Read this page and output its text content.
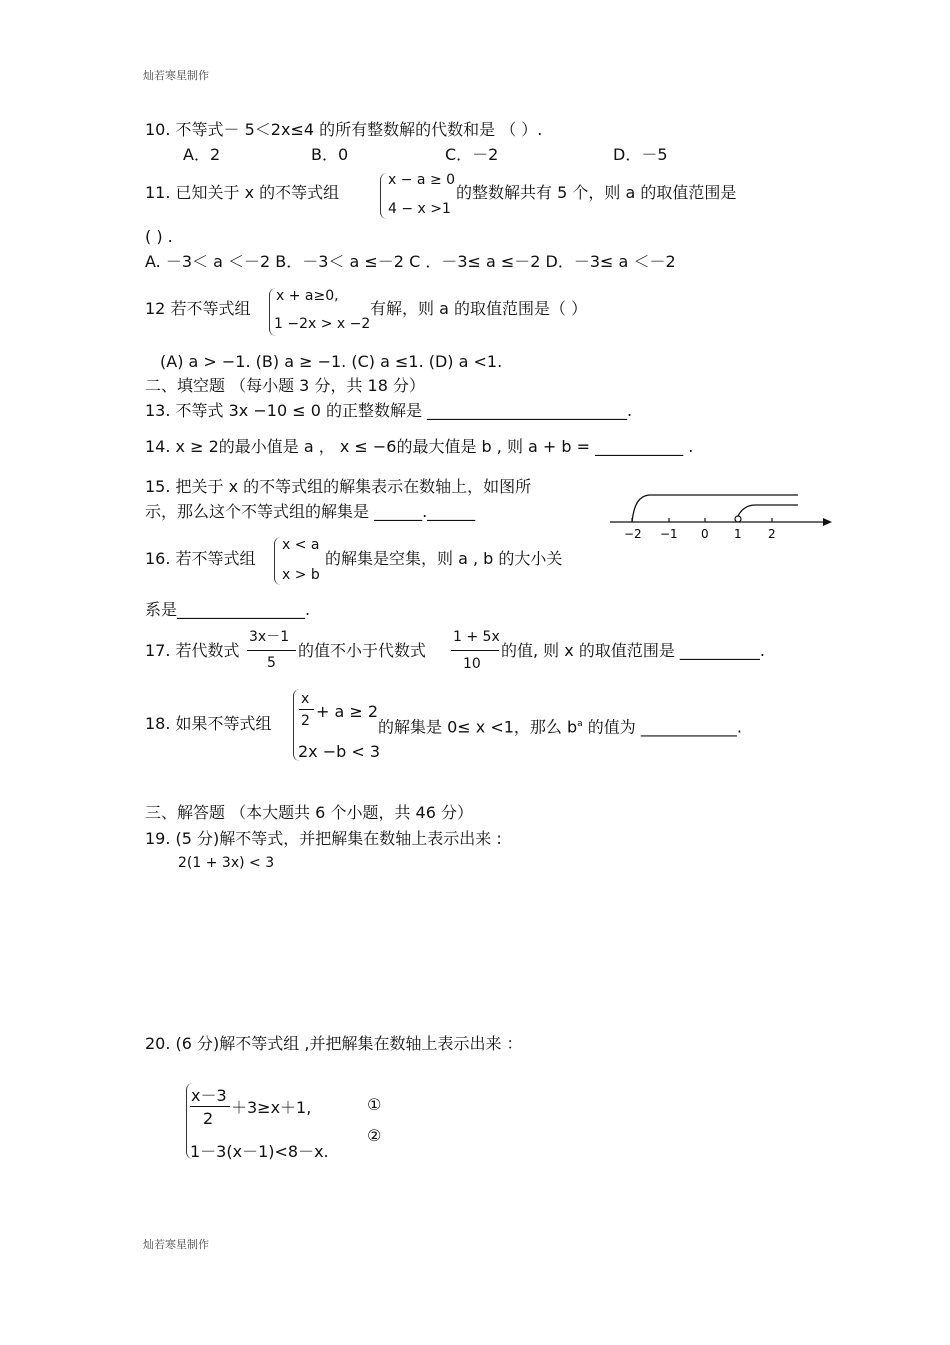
灿若寒星制作
灿若寒星制作
10. 不等式－ 5＜2x≤4 的所有整数解的代数和是 （ ）.
A．2	B．0	C．－2	D．－5
11. 已知关于 x 的不等式组
x − a ≥ 0
4 − x >1
的整数解共有 5 个，则 a 的取值范围是
( ) .
A. －3＜ a ＜－2 B．－3＜ a ≤－2 C ．－3≤ a ≤－2 D．－3≤ a ＜－2
12 若不等式组
x + a≥0,
1 −2x > x −2
有解，则 a 的取值范围是（ ）
(A) a > −1. (B) a ≥ −1. (C) a ≤1. (D) a <1.
二、填空题 （每小题 3 分，共 18 分）
13. 不等式 3x −10 ≤ 0 的正整数解是 _________________________.
14. x ≥ 2的最小值是 a ， x ≤ −6的最大值是 b , 则 a + b = ___________ .
15. 把关于 x 的不等式组的解集表示在数轴上，如图所
示，那么这个不等式组的解集是 ______.______
−2 −1 0 1 2
16. 若不等式组
x < a
x > b
的解集是空集，则 a , b 的大小关
系是________________.
17. 若代数式
3x－1
5
的值不小于代数式
1 + 5x
10
的值, 则 x 的取值范围是 __________.
18. 如果不等式组
x
2 + a ≥ 2
2x −b < 3
的解集是 0≤ x <1，那么 $b^a$ 的值为 ____________.
三、解答题 （本大题共 6 个小题，共 46 分）
19. (5 分)解不等式，并把解集在数轴上表示出来 :
2(1 + 3x) < 3
20. (6 分)解不等式组 ,并把解集在数轴上表示出来 ：
x－3
2
＋3≥x＋1,
1－3(x－1)<8－x.
①
②
